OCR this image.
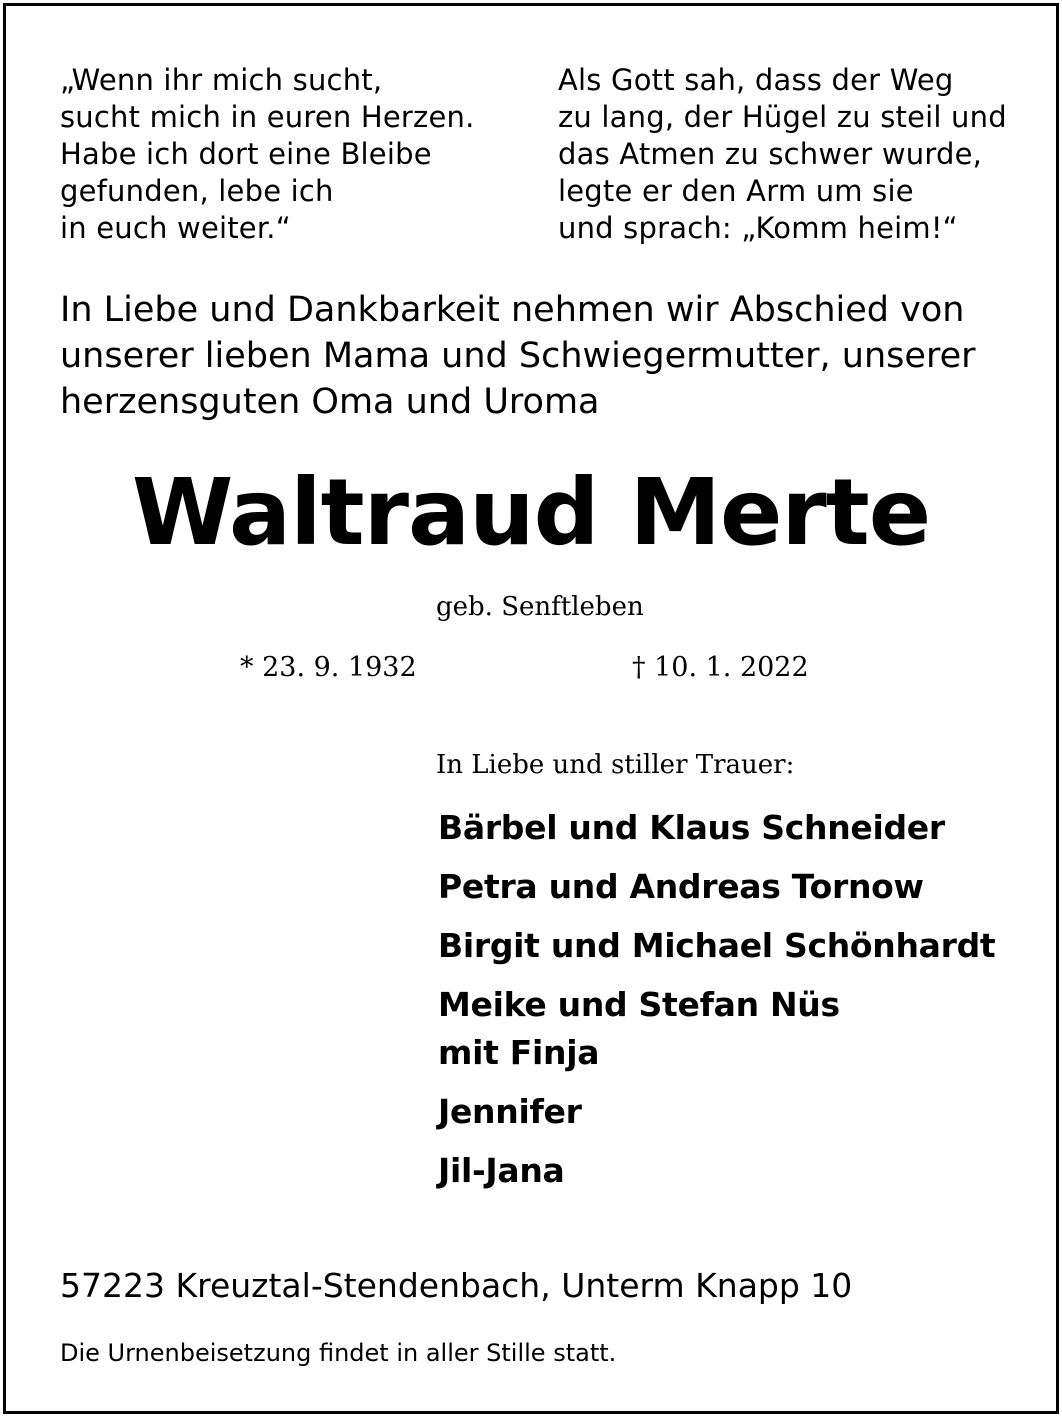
„Wenn ihr mich sucht,
sucht mich in euren Herzen.
Habe ich dort eine Bleibe
gefunden, lebe ich
in euch weiter.“
Als Gott sah, dass der Weg
zu lang, der Hügel zu steil und
das Atmen zu schwer wurde,
legte er den Arm um sie
und sprach: „Komm heim!“
In Liebe und Dankbarkeit nehmen wir Abschied von
unserer lieben Mama und Schwiegermutter, unserer
herzensguten Oma und Uroma
Waltraud Merte
geb. Senftleben
* 23. 9. 1932	† 10. 1. 2022
In Liebe und stiller Trauer:
Bärbel und Klaus Schneider
Petra und Andreas Tornow
Birgit und Michael Schönhardt
Meike und Stefan Nüs
mit Finja
Jennifer
Jil-Jana
57223 Kreuztal-Stendenbach, Unterm Knapp 10
Die Urnenbeisetzung findet in aller Stille statt.
